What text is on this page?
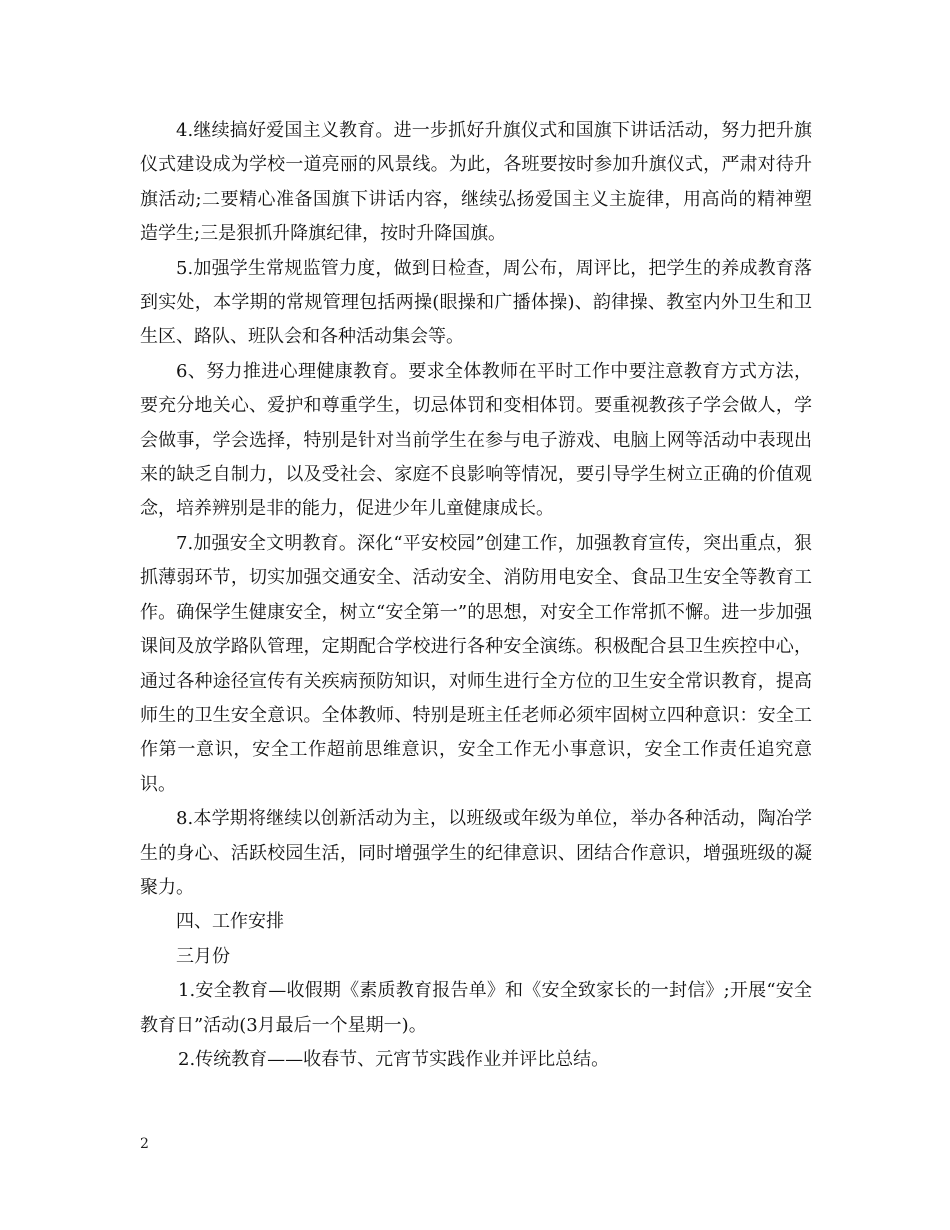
4.继续搞好爱国主义教育。进一步抓好升旗仪式和国旗下讲话活动，努力把升旗仪式建设成为学校一道亮丽的风景线。为此，各班要按时参加升旗仪式，严肃对待升旗活动;二要精心准备国旗下讲话内容，继续弘扬爱国主义主旋律，用高尚的精神塑造学生;三是狠抓升降旗纪律，按时升降国旗。

5.加强学生常规监管力度，做到日检查，周公布，周评比，把学生的养成教育落到实处，本学期的常规管理包括两操(眼操和广播体操)、韵律操、教室内外卫生和卫生区、路队、班队会和各种活动集会等。

6、努力推进心理健康教育。要求全体教师在平时工作中要注意教育方式方法，要充分地关心、爱护和尊重学生，切忌体罚和变相体罚。要重视教孩子学会做人，学会做事，学会选择，特别是针对当前学生在参与电子游戏、电脑上网等活动中表现出来的缺乏自制力，以及受社会、家庭不良影响等情况，要引导学生树立正确的价值观念，培养辨别是非的能力，促进少年儿童健康成长。

7.加强安全文明教育。深化“平安校园”创建工作，加强教育宣传，突出重点，狠抓薄弱环节，切实加强交通安全、活动安全、消防用电安全、食品卫生安全等教育工作。确保学生健康安全，树立“安全第一”的思想，对安全工作常抓不懈。进一步加强课间及放学路队管理，定期配合学校进行各种安全演练。积极配合县卫生疾控中心，通过各种途径宣传有关疾病预防知识，对师生进行全方位的卫生安全常识教育，提高师生的卫生安全意识。全体教师、特别是班主任老师必须牢固树立四种意识：安全工作第一意识，安全工作超前思维意识，安全工作无小事意识，安全工作责任追究意识。

8.本学期将继续以创新活动为主，以班级或年级为单位，举办各种活动，陶冶学生的身心、活跃校园生活，同时增强学生的纪律意识、团结合作意识，增强班级的凝聚力。

四、工作安排

三月份

1.安全教育—收假期《素质教育报告单》和《安全致家长的一封信》;开展“安全教育日”活动(3月最后一个星期一)。

2.传统教育——收春节、元宵节实践作业并评比总结。

2
